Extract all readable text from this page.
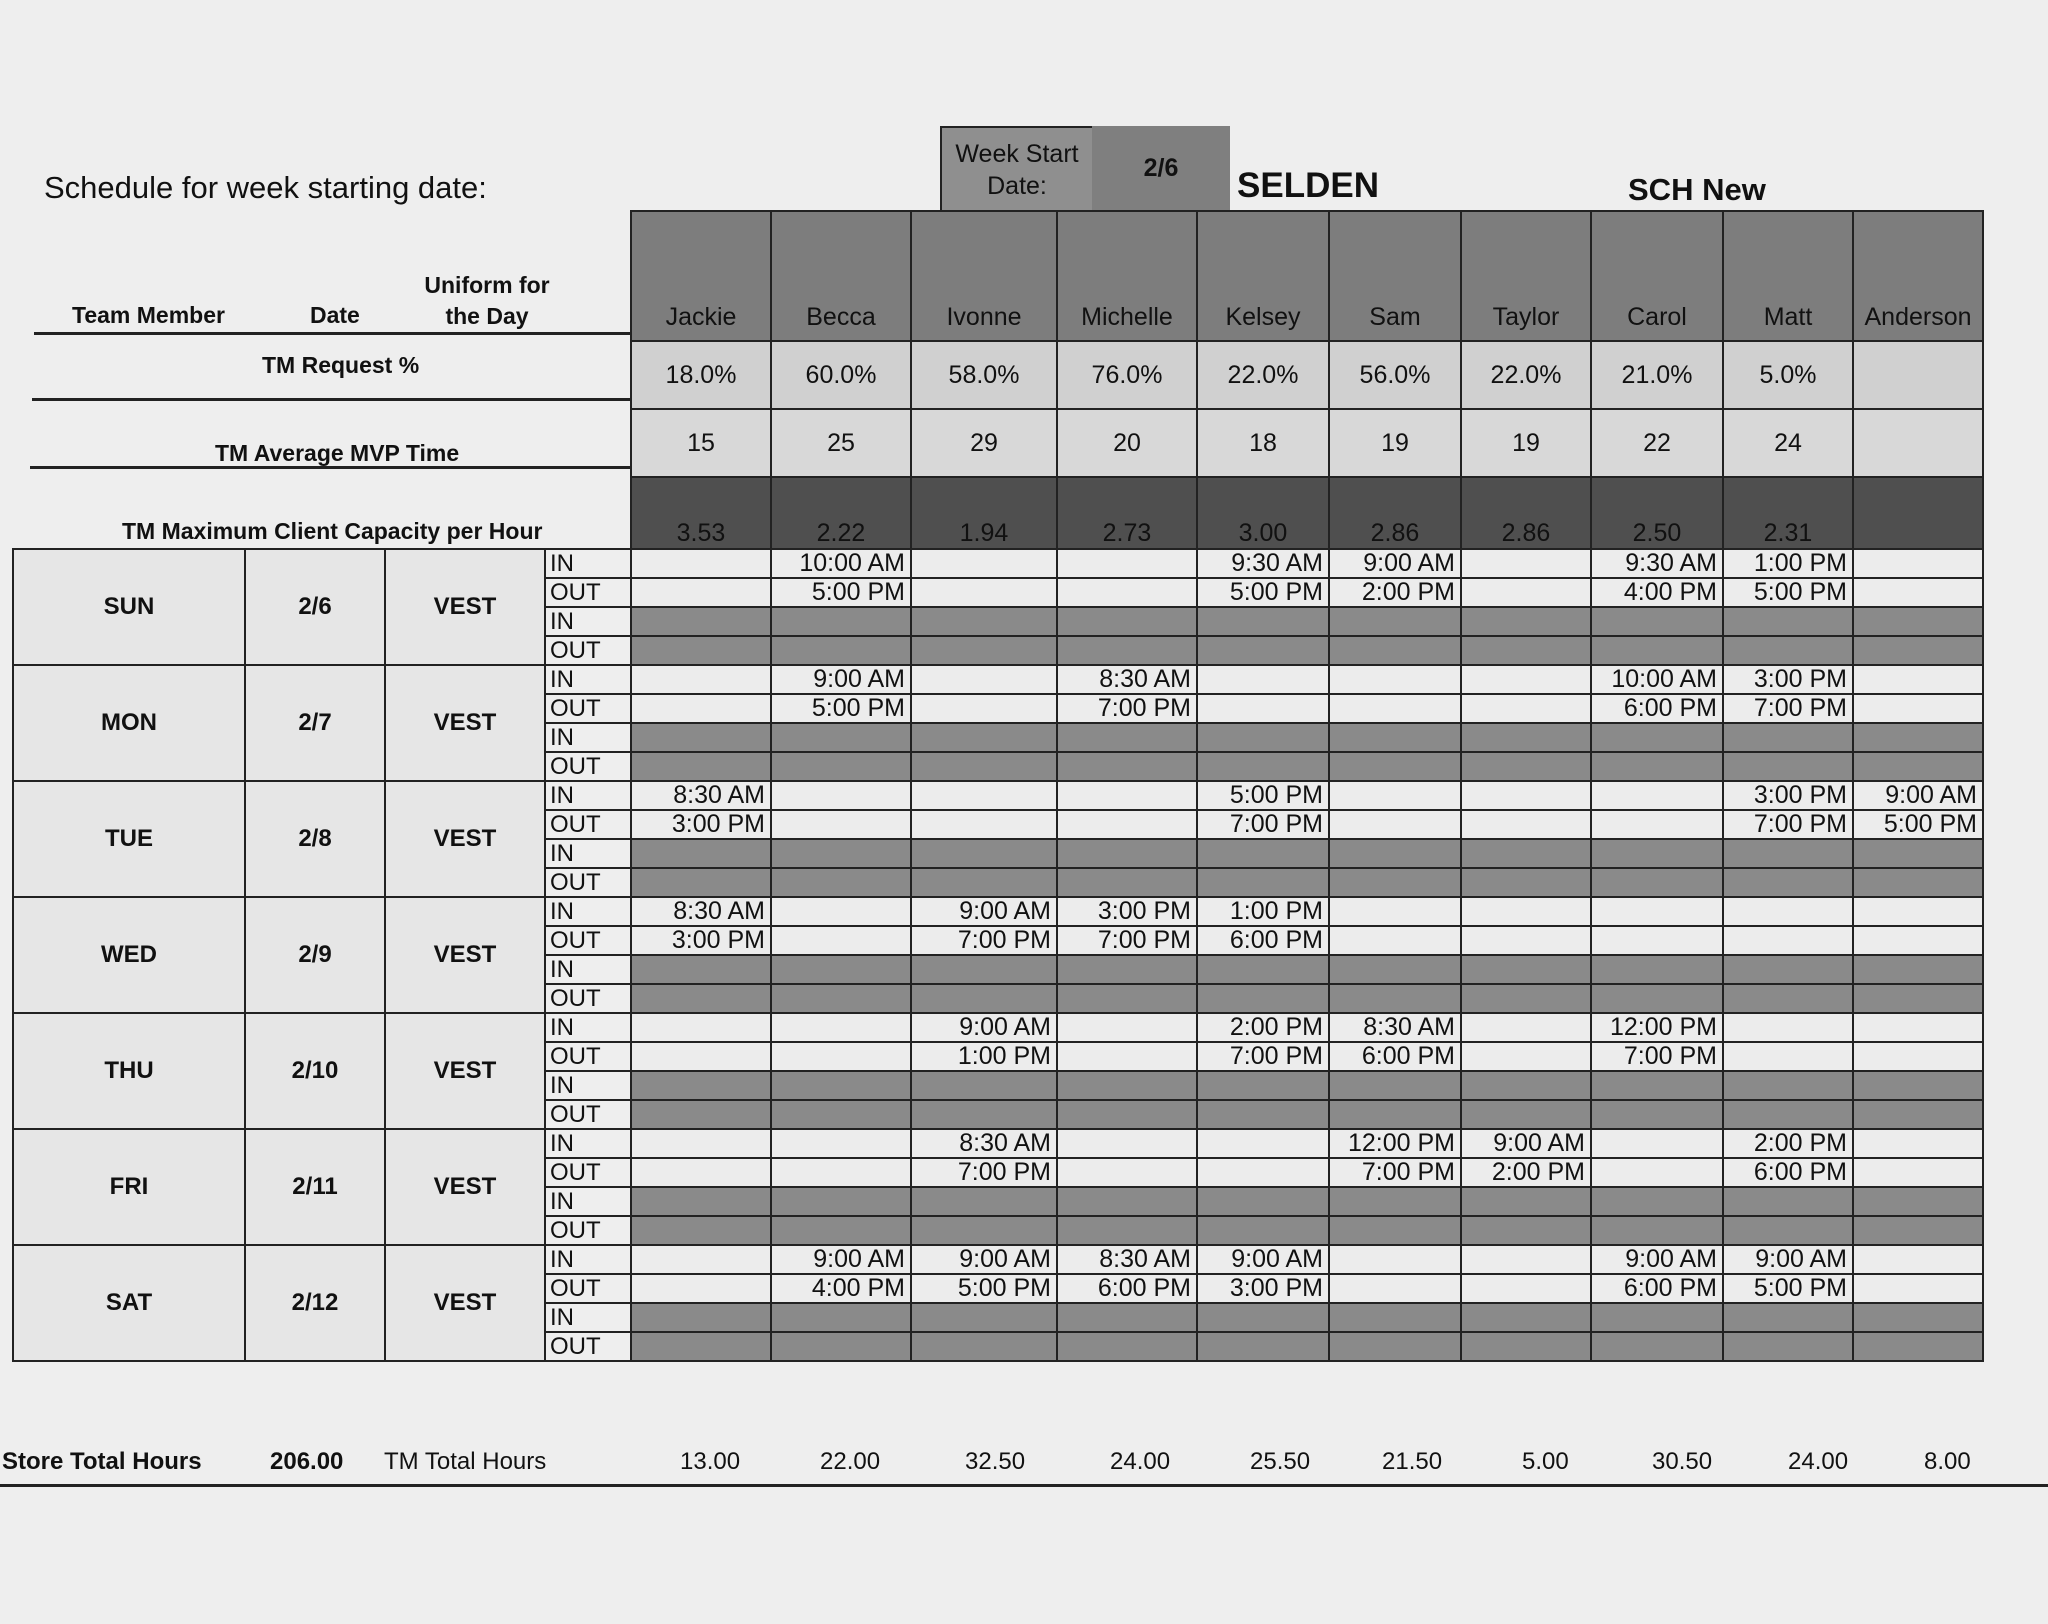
Schedule for week starting date:
Week Start Date:
2/6	SELDEN	SCH New
Team Member	Date
Uniform for the Day
TM Request %
TM Average MVP Time
TM Maximum Client Capacity per Hour
				Jackie	Becca	Ivonne	Michelle	Kelsey	Sam	Taylor	Carol	Matt	Anderson
				18.0%	60.0%	58.0%	76.0%	22.0%	56.0%	22.0%	21.0%	5.0%	
				15	25	29	20	18	19	19	22	24	
				3.53	2.22	1.94	2.73	3.00	2.86	2.86	2.50	2.31	
SUN	2/6	VEST	IN		10:00 AM			9:30 AM	9:00 AM		9:30 AM	1:00 PM	
			OUT		5:00 PM			5:00 PM	2:00 PM		4:00 PM	5:00 PM	
			IN										
			OUT										
MON	2/7	VEST	IN		9:00 AM		8:30 AM				10:00 AM	3:00 PM	
			OUT		5:00 PM		7:00 PM				6:00 PM	7:00 PM	
			IN										
			OUT										
TUE	2/8	VEST	IN	8:30 AM				5:00 PM				3:00 PM	9:00 AM
			OUT	3:00 PM				7:00 PM				7:00 PM	5:00 PM
			IN										
			OUT										
WED	2/9	VEST	IN	8:30 AM		9:00 AM	3:00 PM	1:00 PM					
			OUT	3:00 PM		7:00 PM	7:00 PM	6:00 PM					
			IN										
			OUT										
THU	2/10	VEST	IN			9:00 AM		2:00 PM	8:30 AM		12:00 PM		
			OUT			1:00 PM		7:00 PM	6:00 PM		7:00 PM		
			IN										
			OUT										
FRI	2/11	VEST	IN			8:30 AM			12:00 PM	9:00 AM		2:00 PM	
			OUT			7:00 PM			7:00 PM	2:00 PM		6:00 PM	
			IN										
			OUT										
SAT	2/12	VEST	IN		9:00 AM	9:00 AM	8:30 AM	9:00 AM			9:00 AM	9:00 AM	
			OUT		4:00 PM	5:00 PM	6:00 PM	3:00 PM			6:00 PM	5:00 PM	
			IN										
			OUT										
Store Total Hours	206.00 TM Total Hours	13.00	22.00	32.50	24.00	25.50	21.50	5.00	30.50	24.00	8.00
